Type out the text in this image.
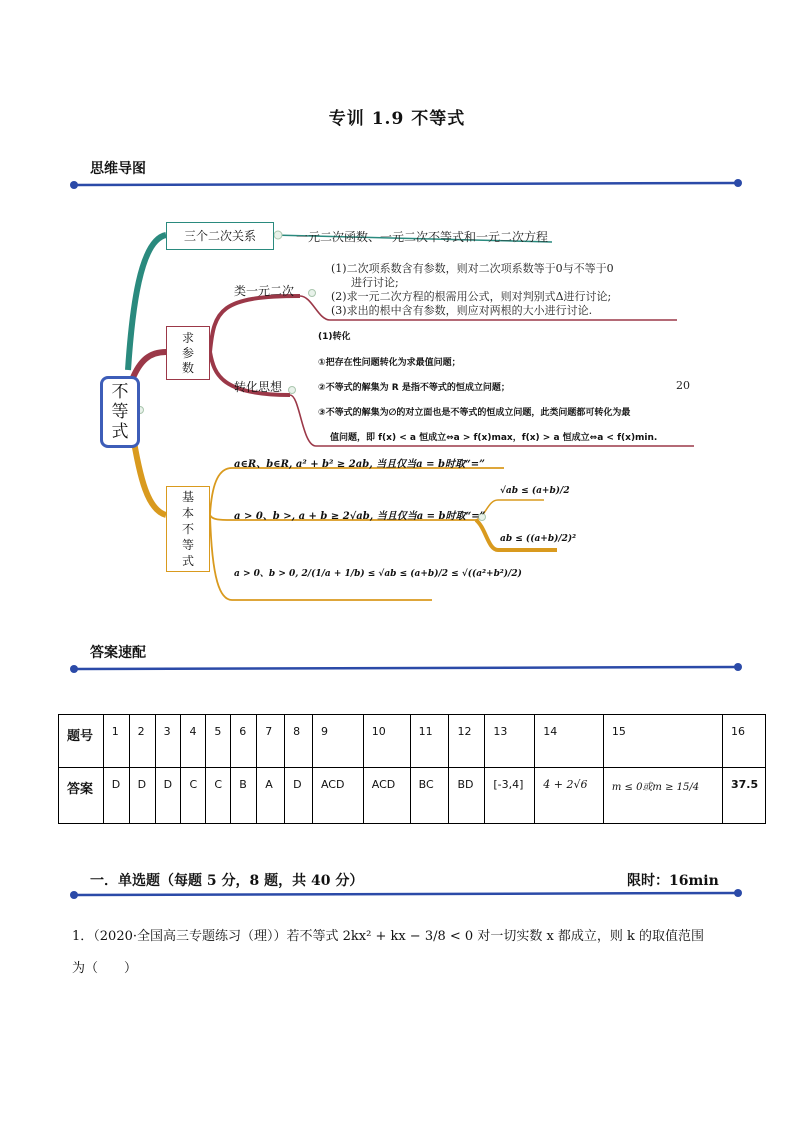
专训 1.9 不等式
思维导图
不
等
式
三个二次关系	一元二次函数、一元二次不等式和一元二次方程
求
参
数
类一元二次
(1)二次项系数含有参数，则对二次项系数等于0与不等于0
进行讨论;
(2)求一元二次方程的根需用公式，则对判别式Δ进行讨论;
(3)求出的根中含有参数，则应对两根的大小进行讨论.
转化思想
(1)转化
①把存在性问题转化为求最值问题；
②不等式的解集为 R 是指不等式的恒成立问题；	20
③不等式的解集为∅的对立面也是不等式的恒成立问题，此类问题都可转化为最
值问题，即 f(x) < a 恒成立⇔a > f(x)max，f(x) > a 恒成立⇔a < f(x)min.
基
本
不
等
式
a∈R、b∈R, a² + b² ≥ 2ab, 当且仅当a = b时取“=”
a > 0、b >, a + b ≥ 2√ab, 当且仅当a = b时取“=”
a > 0、b > 0, 2/(1/a + 1/b) ≤ √ab ≤ (a+b)/2 ≤ √((a²+b²)/2)
√ab ≤ (a+b)/2
ab ≤ ((a+b)/2)²
答案速配
题号	1	2	3	4	5	6	7	8	9	10	11	12	13	14	15	16
答案	D	D	D	C	C	B	A	D	ACD	ACD	BC	BD	[-3,4]	4 + 2√6	m ≤ 0或m ≥ 15/4	37.5
一．单选题（每题 5 分，8 题，共 40 分）	限时：16min
1．（2020·全国高三专题练习（理））若不等式 2kx² + kx − 3/8 < 0 对一切实数 x 都成立，则 k 的取值范围
为（　　）
